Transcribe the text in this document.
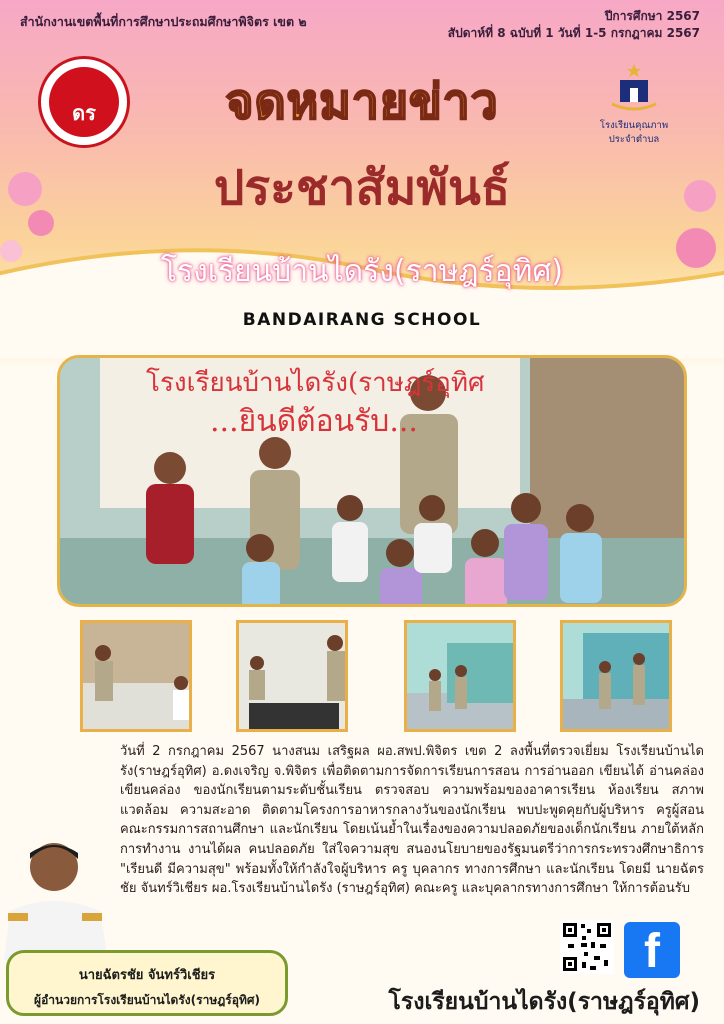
สำนักงานเขตพื้นที่การศึกษาประถมศึกษาพิจิตร เขต ๒	ปีการศึกษา 2567
สัปดาห์ที่ 8 ฉบับที่ 1 วันที่ 1-5 กรกฎาคม 2567
ดร
โรงเรียนคุณภาพ
ประจำตำบล
จดหมายข่าว
ประชาสัมพันธ์
โรงเรียนบ้านไดรัง(ราษฎร์อุทิศ)
BANDAIRANG SCHOOL
โรงเรียนบ้านไดรัง(ราษฎร์อุทิศ
...ยินดีต้อนรับ...
วันที่ 2 กรกฎาคม 2567 นางสนม เสริฐผล ผอ.สพป.พิจิตร เขต 2 ลงพื้นที่ตรวจเยี่ยม โรงเรียนบ้านไดรัง(ราษฎร์อุทิศ) อ.ดงเจริญ จ.พิจิตร เพื่อติดตามการจัดการเรียนการสอน การอ่านออก เขียนได้ อ่านคล่อง เขียนคล่อง ของนักเรียนตามระดับชั้นเรียน ตรวจสอบ ความพร้อมของอาคารเรียน ห้องเรียน สภาพแวดล้อม ความสะอาด ติดตามโครงการอาหารกลางวันของนักเรียน พบปะพูดคุยกับผู้บริหาร ครูผู้สอน คณะกรรมการสถานศึกษา และนักเรียน โดยเน้นย้ำในเรื่องของความปลอดภัยของเด็กนักเรียน ภายใต้หลักการทำงาน งานได้ผล คนปลอดภัย ใส่ใจความสุข สนองนโยบายของรัฐมนตรีว่าการกระทรวงศึกษาธิการ "เรียนดี มีความสุข" พร้อมทั้งให้กำลังใจผู้บริหาร ครู บุคลากร ทางการศึกษา และนักเรียน โดยมี นายฉัตรชัย จันทร์วิเชียร ผอ.โรงเรียนบ้านไดรัง (ราษฎร์อุทิศ) คณะครู และบุคลากรทางการศึกษา ให้การต้อนรับ
นายฉัตรชัย จันทร์วิเชียร
ผู้อำนวยการโรงเรียนบ้านไดรัง(ราษฎร์อุทิศ)
f
โรงเรียนบ้านไดรัง(ราษฎร์อุทิศ)
